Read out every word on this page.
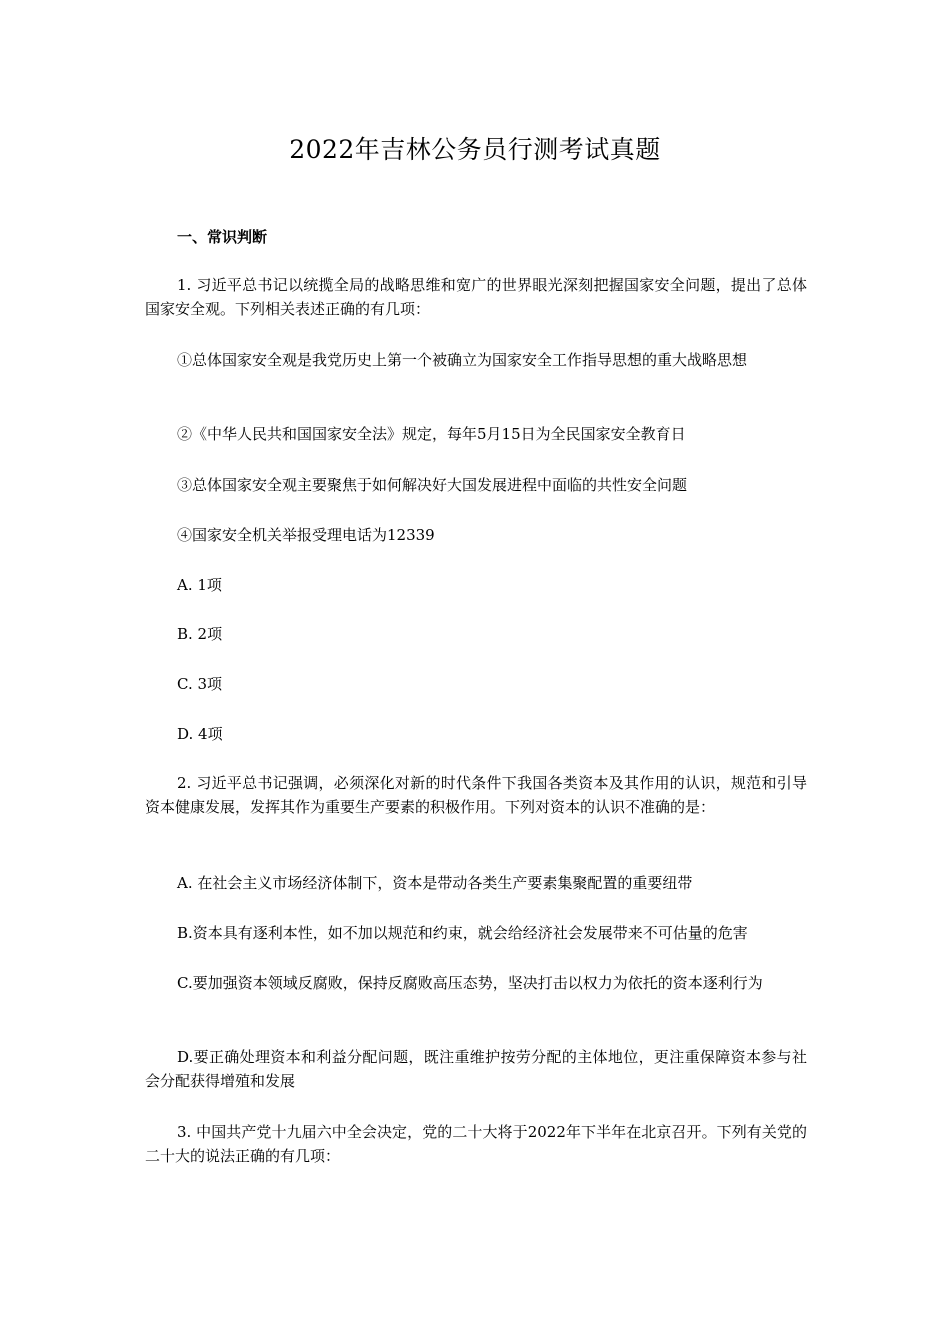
2022年吉林公务员行测考试真题
一、常识判断
1. 习近平总书记以统揽全局的战略思维和宽广的世界眼光深刻把握国家安全问题，提出了总体国家安全观。下列相关表述正确的有几项：
①总体国家安全观是我党历史上第一个被确立为国家安全工作指导思想的重大战略思想
②《中华人民共和国国家安全法》规定，每年5月15日为全民国家安全教育日
③总体国家安全观主要聚焦于如何解决好大国发展进程中面临的共性安全问题
④国家安全机关举报受理电话为12339
A. 1项
B. 2项
C. 3项
D. 4项
2. 习近平总书记强调，必须深化对新的时代条件下我国各类资本及其作用的认识，规范和引导资本健康发展，发挥其作为重要生产要素的积极作用。下列对资本的认识不准确的是：
A. 在社会主义市场经济体制下，资本是带动各类生产要素集聚配置的重要纽带
B.资本具有逐利本性，如不加以规范和约束，就会给经济社会发展带来不可估量的危害
C.要加强资本领域反腐败，保持反腐败高压态势，坚决打击以权力为依托的资本逐利行为
D.要正确处理资本和利益分配问题，既注重维护按劳分配的主体地位，更注重保障资本参与社会分配获得增殖和发展
3. 中国共产党十九届六中全会决定，党的二十大将于2022年下半年在北京召开。下列有关党的二十大的说法正确的有几项：
